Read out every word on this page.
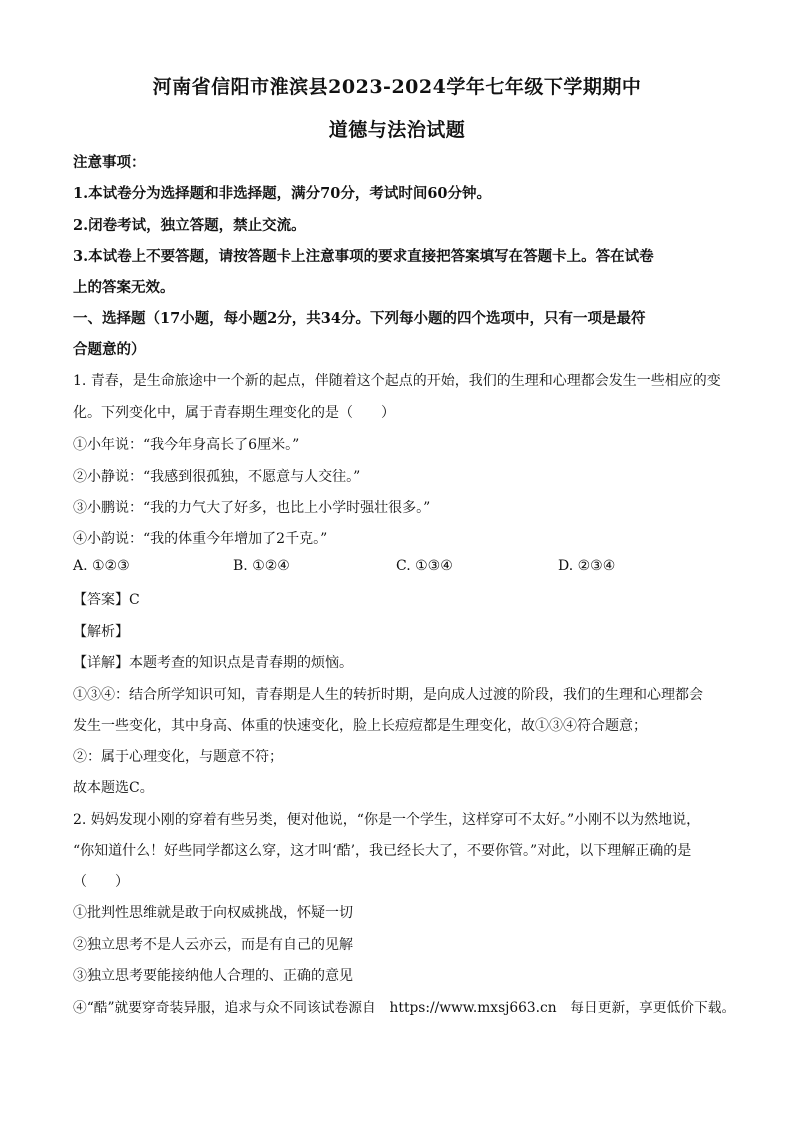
河南省信阳市淮滨县2023-2024学年七年级下学期期中
道德与法治试题
注意事项：
1.本试卷分为选择题和非选择题，满分70分，考试时间60分钟。
2.闭卷考试，独立答题，禁止交流。
3.本试卷上不要答题，请按答题卡上注意事项的要求直接把答案填写在答题卡上。答在试卷
上的答案无效。
一、选择题（17小题，每小题2分，共34分。下列每小题的四个选项中，只有一项是最符
合题意的）
1. 青春，是生命旅途中一个新的起点，伴随着这个起点的开始，我们的生理和心理都会发生一些相应的变
化。下列变化中，属于青春期生理变化的是（　　）
①小年说：“我今年身高长了6厘米。”
②小静说：“我感到很孤独，不愿意与人交往。”
③小鹏说：“我的力气大了好多，也比上小学时强壮很多。”
④小韵说：“我的体重今年增加了2千克。”
A. ①②③	B. ①②④	C. ①③④	D. ②③④
【答案】C
【解析】
【详解】本题考查的知识点是青春期的烦恼。
①③④：结合所学知识可知，青春期是人生的转折时期，是向成人过渡的阶段，我们的生理和心理都会
发生一些变化，其中身高、体重的快速变化，脸上长痘痘都是生理变化，故①③④符合题意；
②：属于心理变化，与题意不符；
故本题选C。
2. 妈妈发现小刚的穿着有些另类，便对他说，“你是一个学生，这样穿可不太好。”小刚不以为然地说，
“你知道什么！好些同学都这么穿，这才叫‘酷’，我已经长大了，不要你管。”对此，以下理解正确的是
（　　）
①批判性思维就是敢于向权威挑战，怀疑一切
②独立思考不是人云亦云，而是有自己的见解
③独立思考要能接纳他人合理的、正确的意见
④“酷”就要穿奇装异服，追求与众不同该试卷源自　https://www.mxsj663.cn　每日更新，享更低价下载。
